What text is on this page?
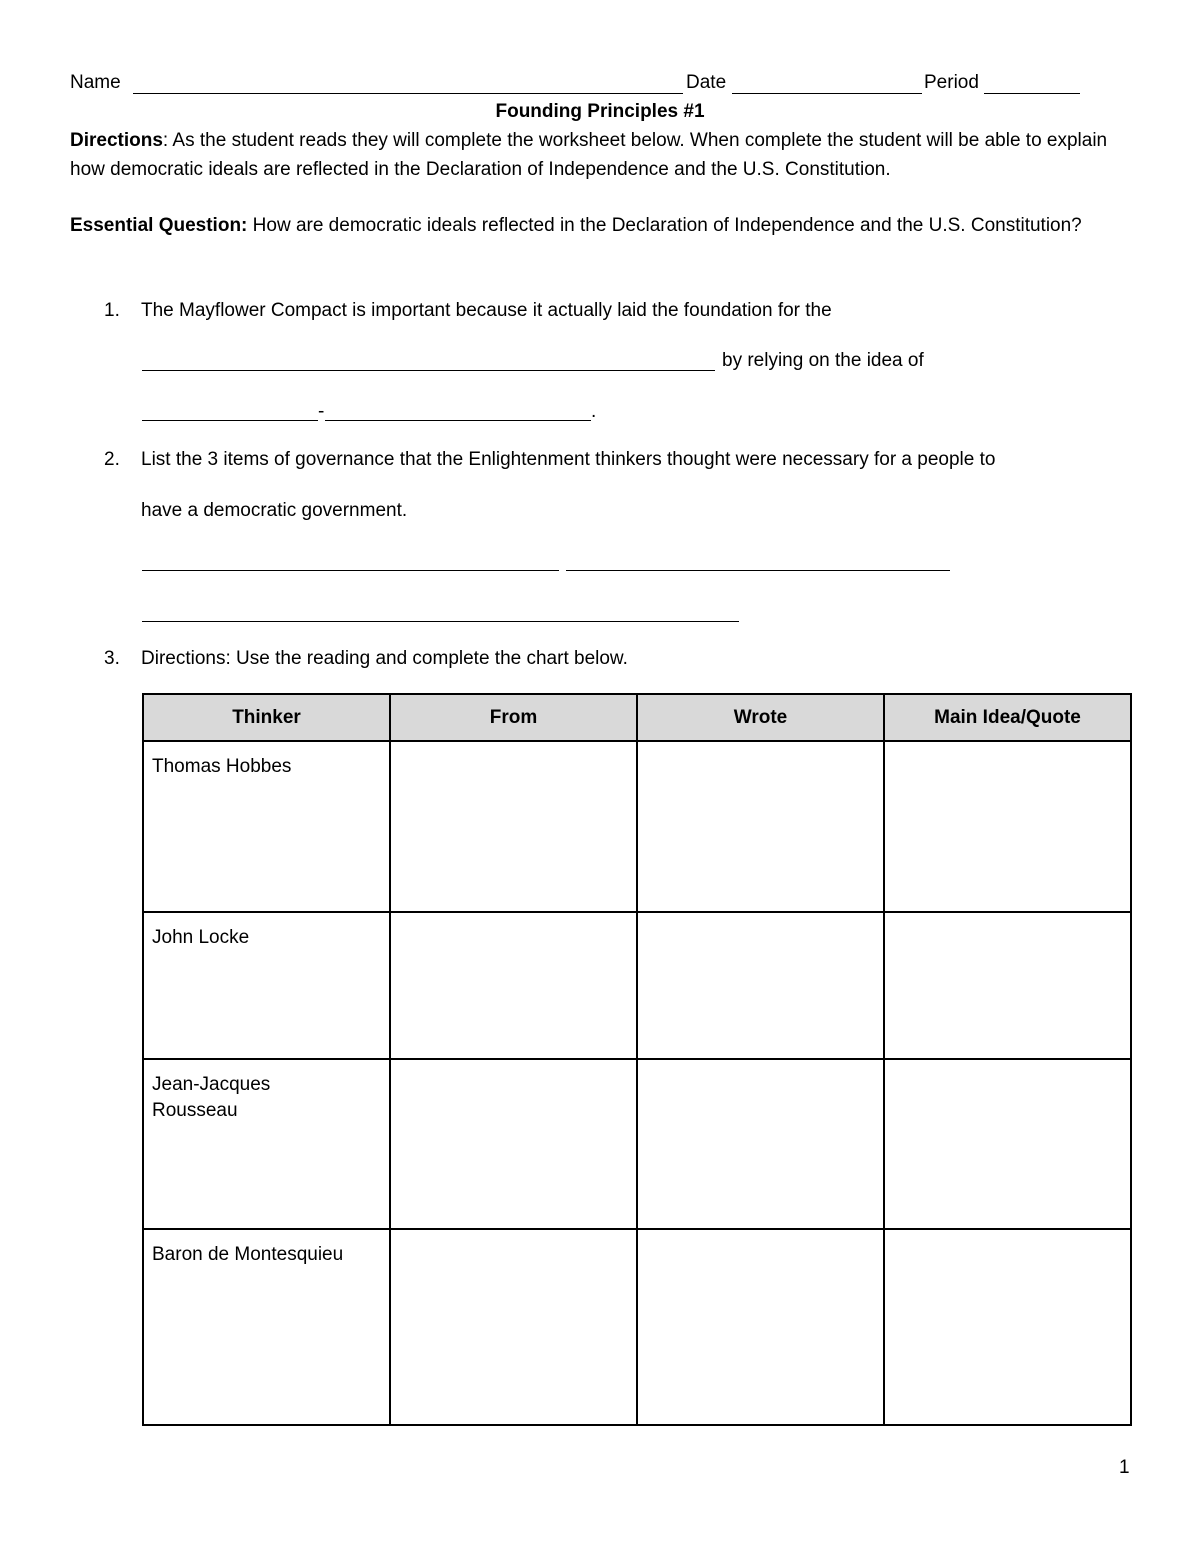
Name	Date	Period
Founding Principles #1
Directions: As the student reads they will complete the worksheet below. When complete the student will be able to explain how democratic ideals are reflected in the Declaration of Independence and the U.S. Constitution.
Essential Question: How are democratic ideals reflected in the Declaration of Independence and the U.S. Constitution?
1. The Mayflower Compact is important because it actually laid the foundation for the
by relying on the idea of
-	.
2. List the 3 items of governance that the Enlightenment thinkers thought were necessary for a people to
have a democratic government.
3. Directions: Use the reading and complete the chart below.
Thinker	From	Wrote	Main Idea/Quote
Thomas Hobbes			
John Locke			

Jean-Jacques Rousseau			

Baron de Montesquieu			
1
